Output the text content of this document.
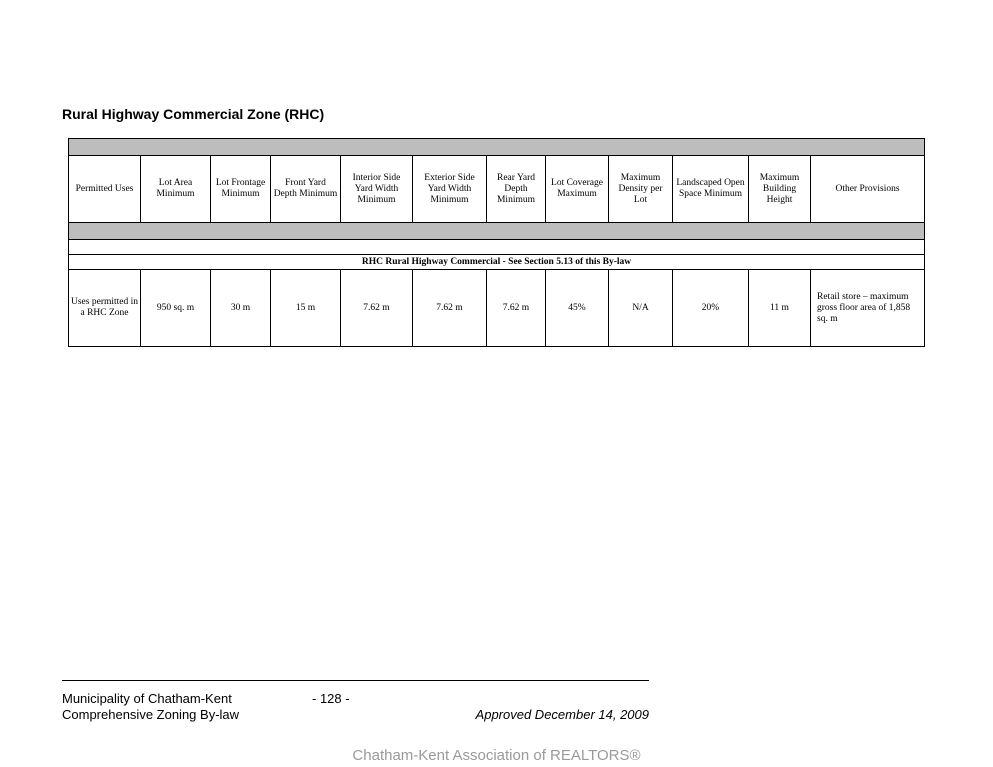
Rural Highway Commercial Zone (RHC)

Permitted Uses	Lot Area Minimum	Lot Frontage Minimum	Front Yard Depth Minimum	Interior Side Yard Width Minimum	Exterior Side Yard Width Minimum	Rear Yard Depth Minimum	Lot Coverage Maximum	Maximum Density per Lot	Landscaped Open Space Minimum	Maximum Building Height	Other Provisions

RHC Rural Highway Commercial - See Section 5.13 of this By-law											
Uses permitted in a RHC Zone	950 sq. m	30 m	15 m	7.62 m	7.62 m	7.62 m	45%	N/A	20%	11 m	Retail store – maximum gross floor area of 1,858 sq. m
Municipality of Chatham-Kent
Comprehensive Zoning By-law
- 128 -
Approved December 14, 2009
Chatham-Kent Association of REALTORS®
